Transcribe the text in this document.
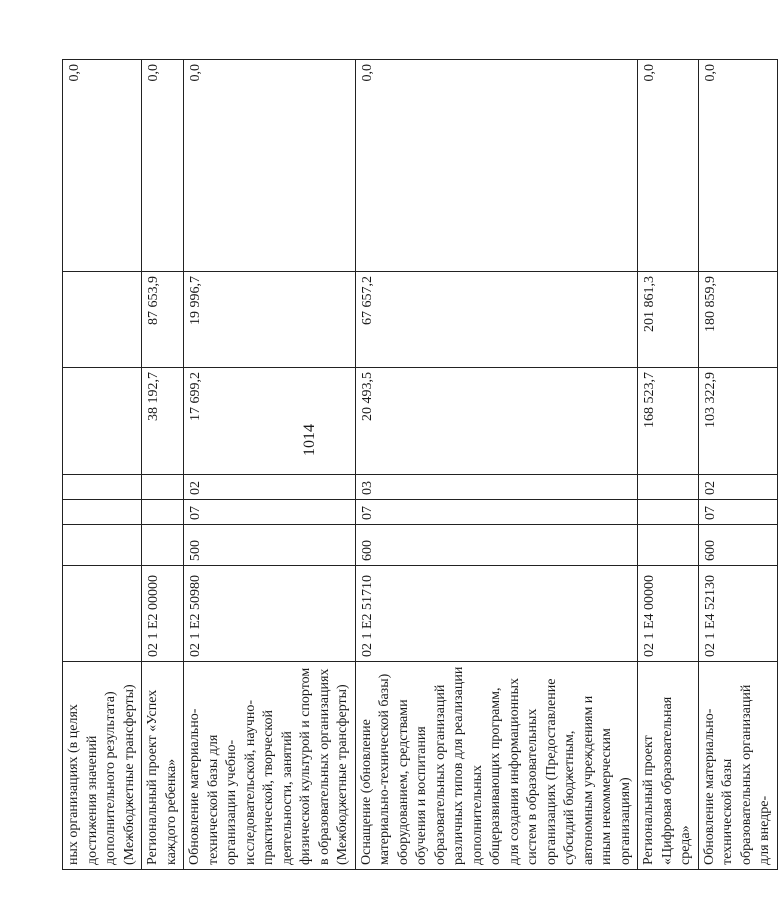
1014
ных организациях (в целях достижения значений дополнительного результата) (Межбюджетные трансферты)							0,0
Региональный проект «Успех каждого ребенка»	02 1 E2 00000				38 192,7	87 653,9	0,0
Обновление материально-технической базы для организации учебно-исследовательской, научно-практической, творческой деятельности, занятий физической культурой и спортом в образовательных организациях (Межбюджетные трансферты)	02 1 E2 50980	500	07	02	17 699,2	19 996,7	0,0
Оснащение (обновление материально-технической базы) оборудованием, средствами обучения и воспитания образовательных организаций различных типов для реализации дополнительных общеразвивающих программ, для создания информационных систем в образовательных организациях (Предоставление субсидий бюджетным, автономным учреждениям и иным некоммерческим организациям)	02 1 E2 51710	600	07	03	20 493,5	67 657,2	0,0
Региональный проект «Цифровая образовательная среда»	02 1 E4 00000				168 523,7	201 861,3	0,0
Обновление материально-технической базы образовательных организаций для внедре-	02 1 E4 52130	600	07	02	103 322,9	180 859,9	0,0
